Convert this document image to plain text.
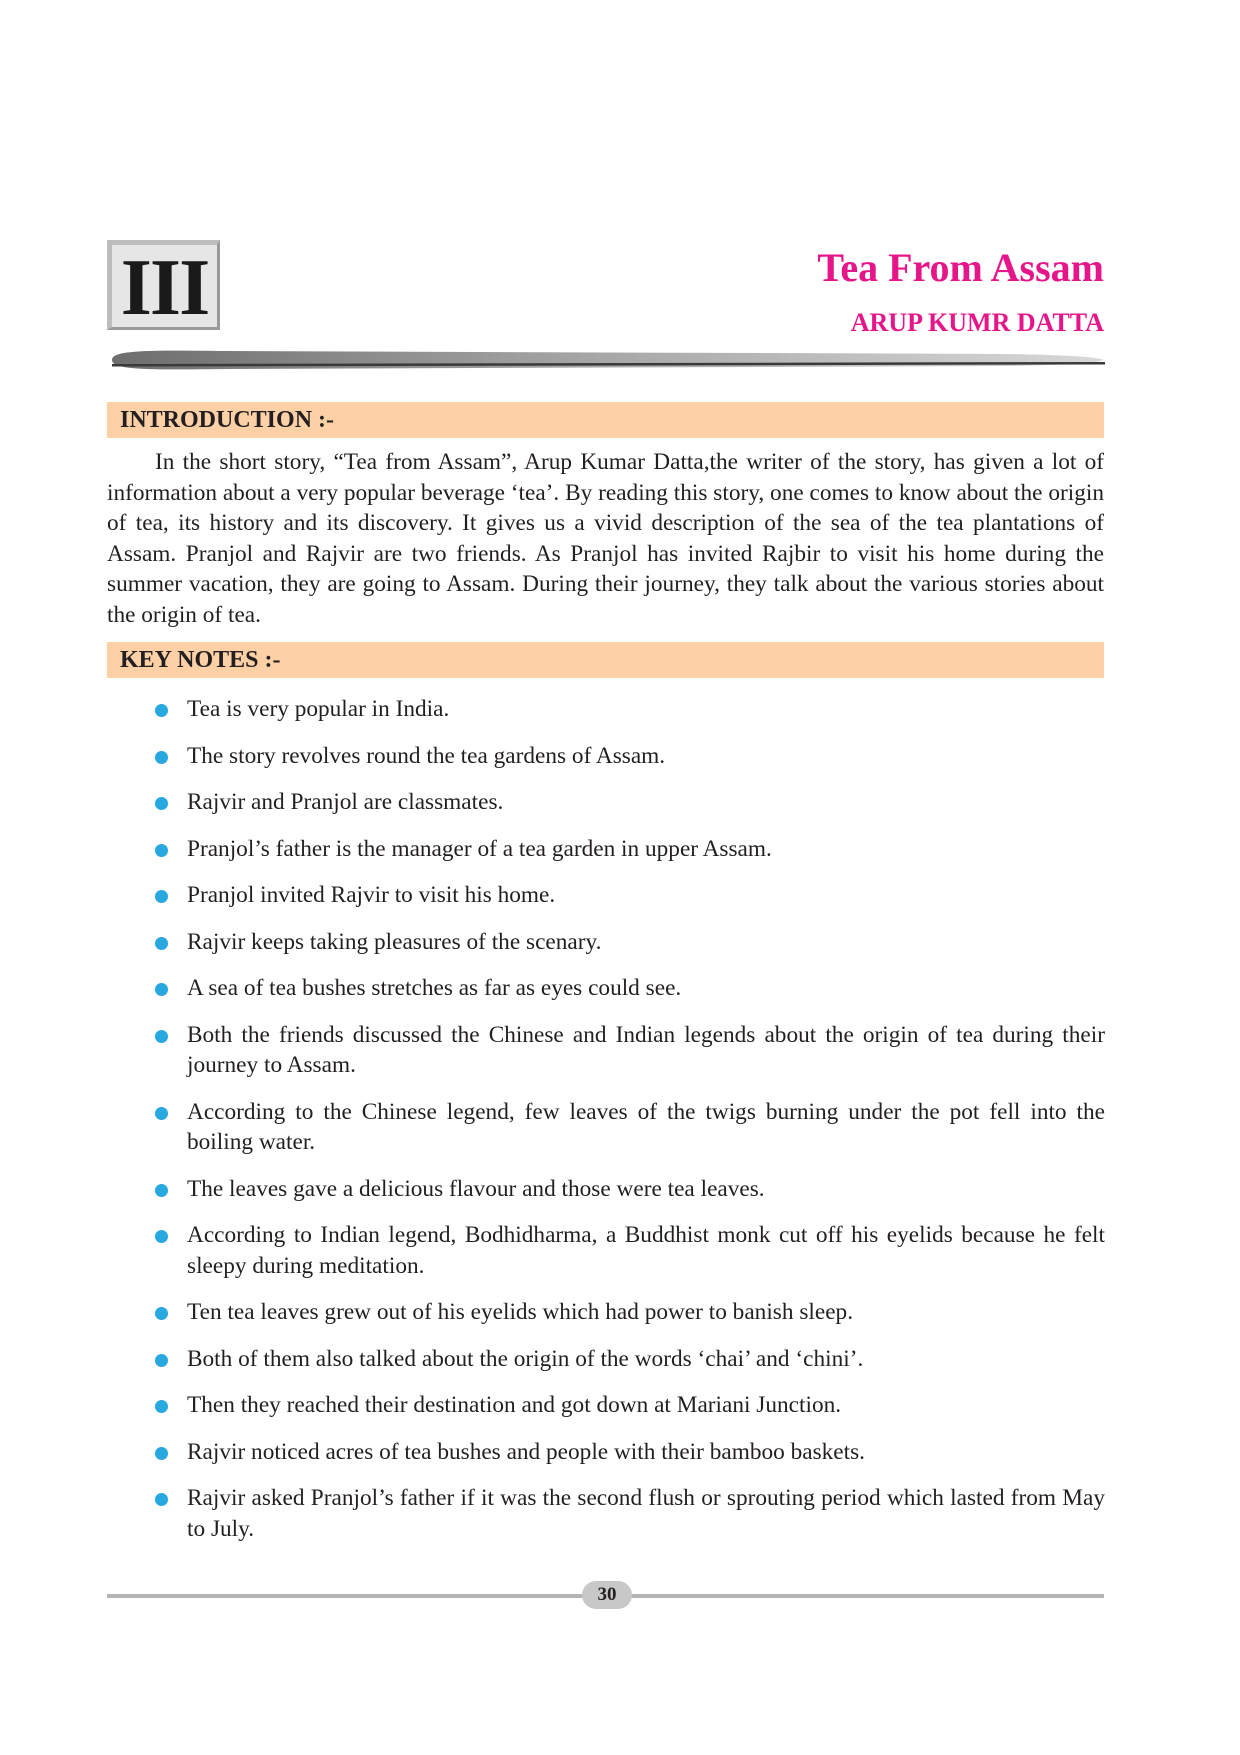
III	Tea From Assam
ARUP KUMR DATTA
INTRODUCTION :-

In the short story, “Tea from Assam”, Arup Kumar Datta,the writer of the story, has given a lot of information about a very popular beverage ‘tea’. By reading this story, one comes to know about the origin of tea, its history and its discovery. It gives us a vivid description of the sea of the tea plantations of Assam. Pranjol and Rajvir are two friends. As Pranjol has invited Rajbir to visit his home during the summer vacation, they are going to Assam. During their journey, they talk about the various stories about the origin of tea.

KEY NOTES :-
Tea is very popular in India.
The story revolves round the tea gardens of Assam.
Rajvir and Pranjol are classmates.
Pranjol’s father is the manager of a tea garden in upper Assam.
Pranjol invited Rajvir to visit his home.
Rajvir keeps taking pleasures of the scenary.
A sea of tea bushes stretches as far as eyes could see.
Both the friends discussed the Chinese and Indian legends about the origin of tea during their journey to Assam.
According to the Chinese legend, few leaves of the twigs burning under the pot fell into the boiling water.
The leaves gave a delicious flavour and those were tea leaves.
According to Indian legend, Bodhidharma, a Buddhist monk cut off his eyelids because he felt sleepy during meditation.
Ten tea leaves grew out of his eyelids which had power to banish sleep.
Both of them also talked about the origin of the words ‘chai’ and ‘chini’.
Then they reached their destination and got down at Mariani Junction.
Rajvir noticed acres of tea bushes and people with their bamboo baskets.
Rajvir asked Pranjol’s father if it was the second flush or sprouting period which lasted from May to July.
30
